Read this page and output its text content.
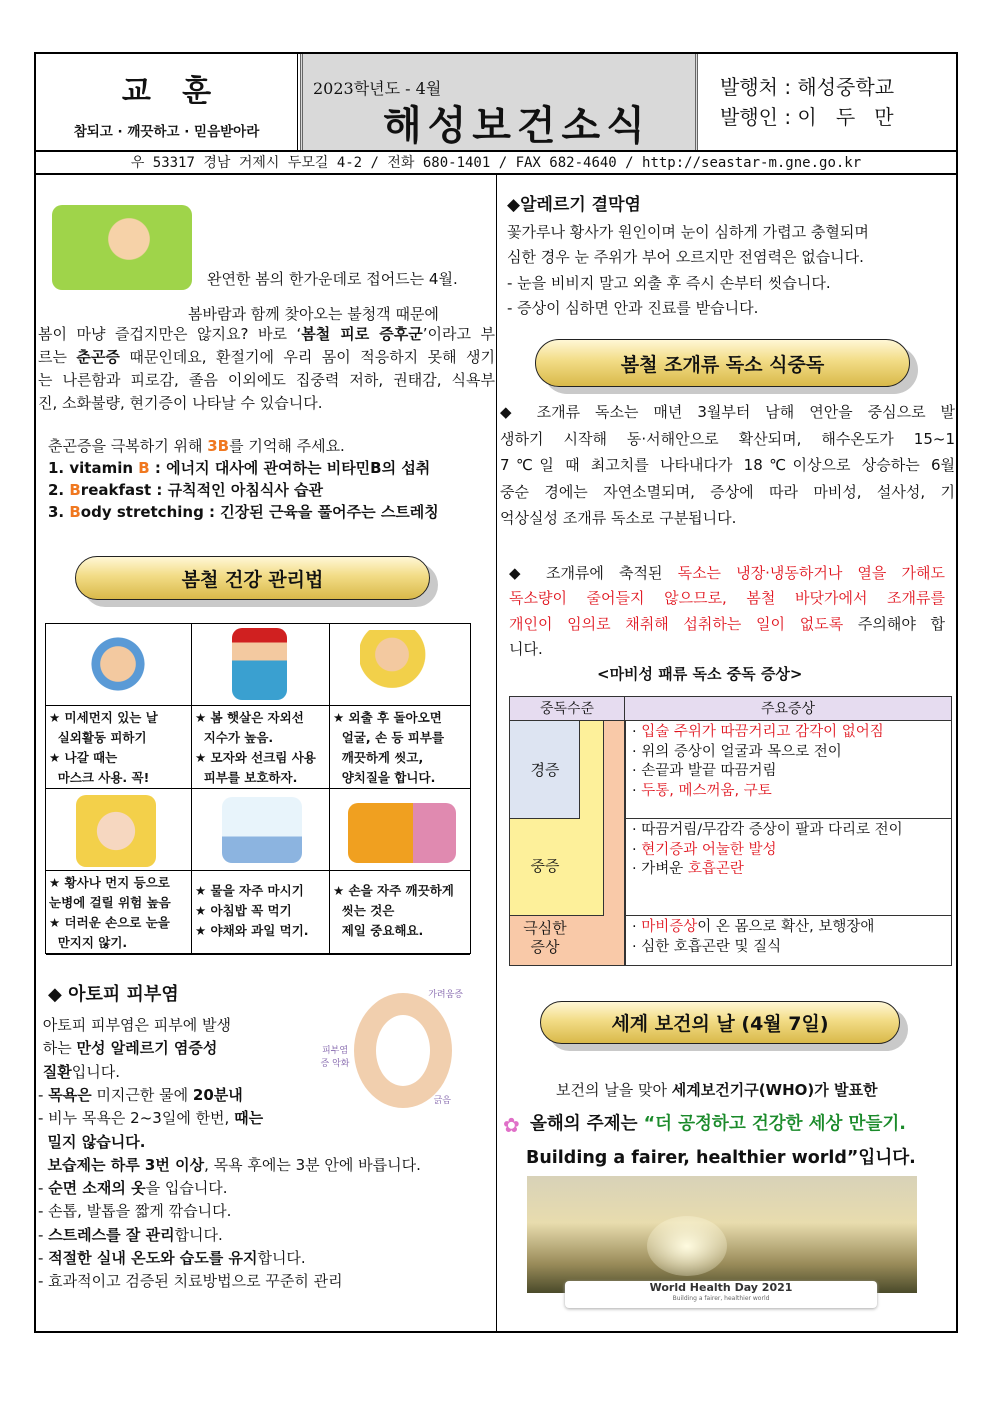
교   훈
참되고 · 깨끗하고 · 믿음받아라
2023학년도 - 4월
해성보건소식
발행처 : 해성중학교
발행인 : 이   두   만
우 53317 경남 거제시 두모길 4-2 / 전화 680-1401 / FAX 682-4640 / http://seastar-m.gne.go.kr
완연한 봄의 한가운데로 접어드는 4월.
봄바람과 함께 찾아오는 불청객 때문에
봄철 건강 관리법
★ 미세먼지 있는 날
실외활동 피하기
★ 나갈 때는
마스크 사용. 꼭!
★ 봄 햇살은 자외선
지수가 높음.
★ 모자와 선크림 사용
피부를 보호하자.
★ 외출 후 돌아오면
얼굴, 손 등 피부를
깨끗하게 씻고,
양치질을 합니다.
★ 황사나 먼지 등으로
눈병에 걸릴 위험 높음
★ 더러운 손으로 눈을
만지지 않기.
★ 물을 자주 마시기
★ 아침밥 꼭 먹기
★ 야채와 과일 먹기.
★ 손을 자주 깨끗하게
씻는 것은
제일 중요해요.
◆ 아토피 피부염	가려움증
긁음
피부염증 악화
◆알레르기 결막염
꽃가루나 황사가 원인이며 눈이 심하게 가렵고 충혈되며
심한 경우 눈 주위가 부어 오르지만 전염력은 없습니다.
- 눈을 비비지 말고 외출 후 즉시 손부터 씻습니다.
- 증상이 심하면 안과 진료를 받습니다.
봄철 조개류 독소 식중독
<마비성 패류 독소 중독 증상>
중독수준	주요증상
경증
중증
극심한 증상
· 입술 주위가 따끔거리고 감각이 없어짐
· 위의 증상이 얼굴과 목으로 전이
· 손끝과 발끝 따끔거림
· 두통, 메스꺼움, 구토
· 따끔거림/무감각 증상이 팔과 다리로 전이
· 현기증과 어눌한 발성
· 가벼운 호흡곤란
· 마비증상이 온 몸으로 확산, 보행장애
· 심한 호흡곤란 및 질식
세계 보건의 날 (4월 7일)
보건의 날을 맞아 세계보건기구(WHO)가 발표한
✿ 올해의 주제는 “더 공정하고 건강한 세상 만들기.
Building a fairer, healthier world”입니다.
World Health Day 2021
Building a fairer, healthier world
봄이 마냥 즐겁지만은 않지요? 바로 ‘봄철 피로 증후군’이라고 부
르는 춘곤증 때문인데요, 환절기에 우리 몸이 적응하지 못해 생기
는 나른함과 피로감, 졸음 이외에도 집중력 저하, 권태감, 식욕부
진, 소화불량, 현기증이 나타날 수 있습니다.
춘곤증을 극복하기 위해 3B를 기억해 주세요.
1. vitamin B : 에너지 대사에 관여하는 비타민B의 섭취
2. Breakfast : 규칙적인 아침식사 습관
3. Body stretching : 긴장된 근육을 풀어주는 스트레칭
아토피 피부염은 피부에 발생
하는 만성 알레르기 염증성
질환입니다.
- 목욕은 미지근한 물에 20분내
- 비누 목욕은 2~3일에 한번, 때는
밀지 않습니다.
보습제는 하루 3번 이상, 목욕 후에는 3분 안에 바릅니다.
- 순면 소재의 옷을 입습니다.
- 손톱, 발톱을 짧게 깎습니다.
- 스트레스를 잘 관리합니다.
- 적절한 실내 온도와 습도를 유지합니다.
- 효과적이고 검증된 치료방법으로 꾸준히 관리
◆ 조개류에 축적된 독소는 냉장·냉동하거나 열을 가해도
독소량이 줄어들지 않으므로, 봄철 바닷가에서 조개류를
개인이 임의로 채취해 섭취하는 일이 없도록 주의해야 합
니다.
◆ 조개류 독소는 매년 3월부터 남해 연안을 중심으로 발
생하기 시작해 동·서해안으로 확산되며, 해수온도가 15~1
7℃일 때 최고치를 나타내다가 18℃이상으로 상승하는 6월
중순 경에는 자연소멸되며, 증상에 따라 마비성, 설사성, 기
억상실성 조개류 독소로 구분됩니다.
